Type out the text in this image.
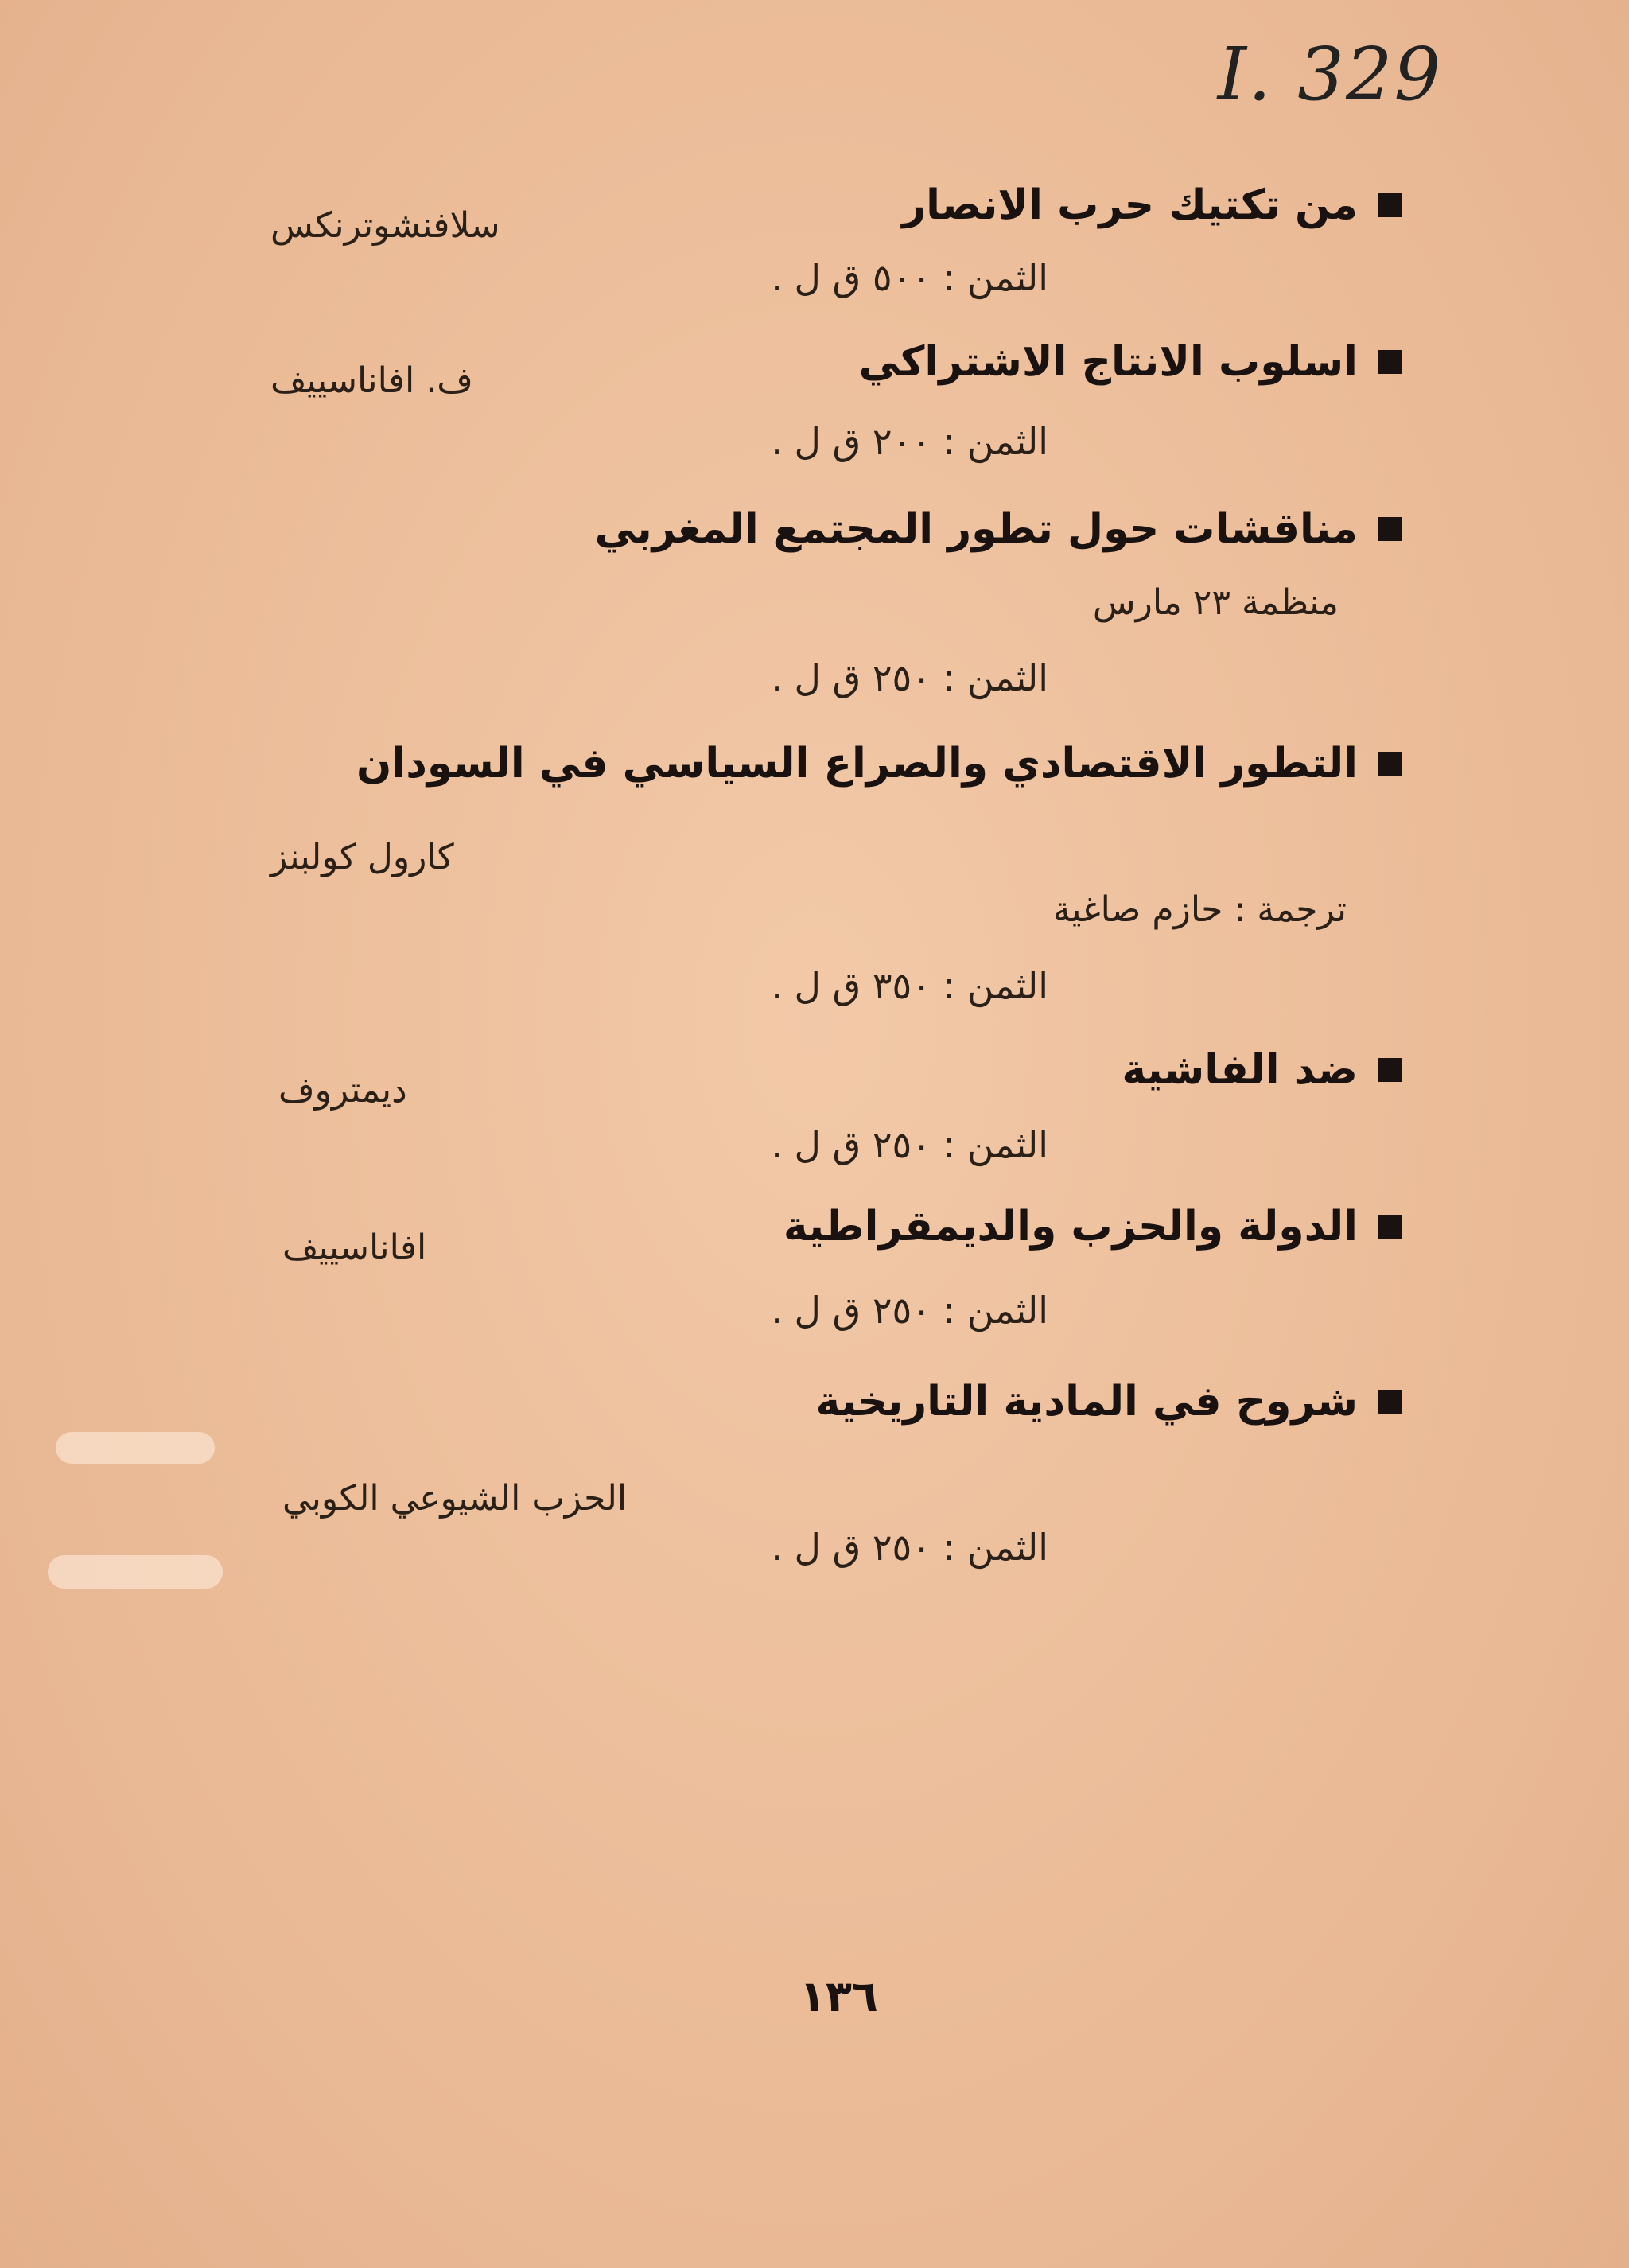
I. 329
من تكتيك حرب الانصار
سلافنشوترنكس
الثمن : ٥٠٠ ق ل .
اسلوب الانتاج الاشتراكي
ف. افاناسييف
الثمن : ٢٠٠ ق ل .
مناقشات حول تطور المجتمع المغربي
منظمة ٢٣ مارس
الثمن : ٢٥٠ ق ل .
التطور الاقتصادي والصراع السياسي في السودان
كارول كولبنز
ترجمة : حازم صاغية
الثمن : ٣٥٠ ق ل .
ضد الفاشية
ديمتروف
الثمن : ٢٥٠ ق ل .
الدولة والحزب والديمقراطية
افاناسييف
الثمن : ٢٥٠ ق ل .
شروح في المادية التاريخية
الحزب الشيوعي الكوبي
الثمن : ٢٥٠ ق ل .
١٣٦
